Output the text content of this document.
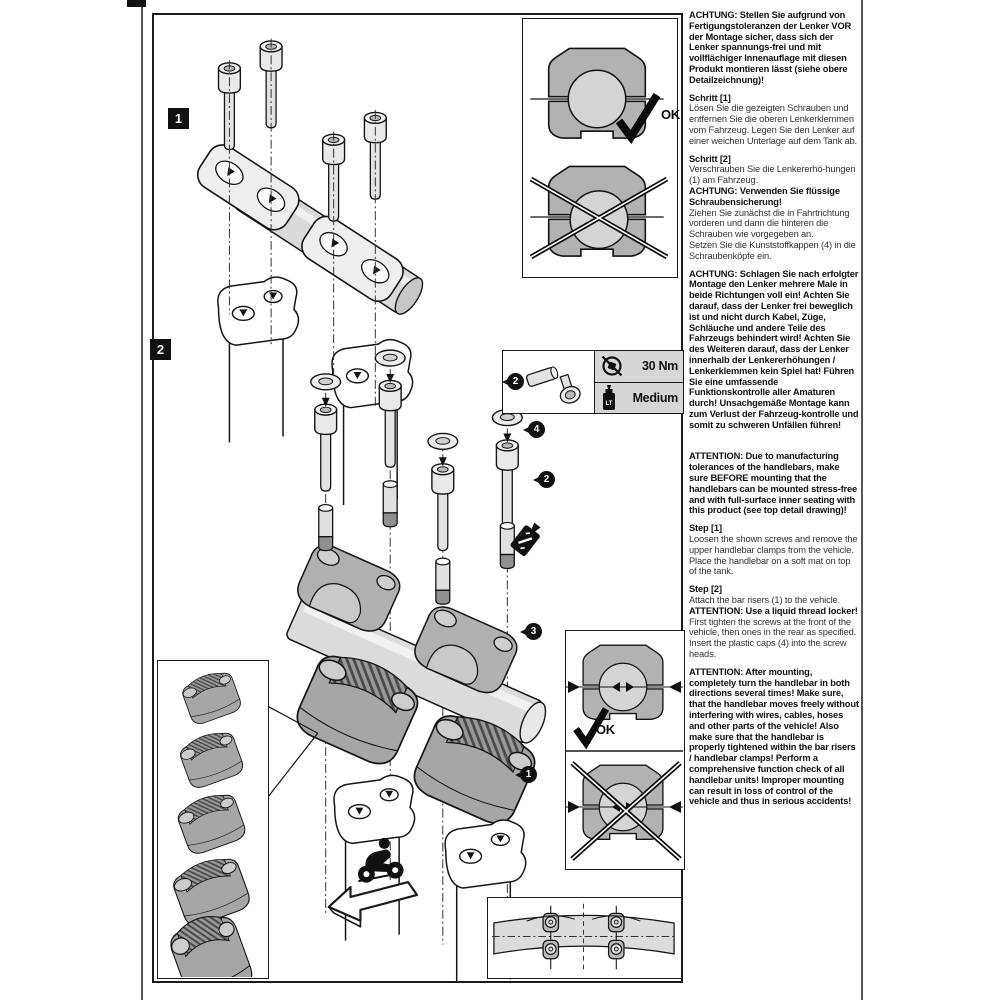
1
2
4
2
3
1
OK
2
30 Nm
LT	Medium
OK

ACHTUNG: Stellen Sie aufgrund von Fertigungstoleranzen der Lenker VOR der Montage sicher, dass sich der Lenker spannungs-frei und mit vollflächiger Innenauflage mit diesen Produkt montieren lässt (siehe obere Detailzeichnung)!

Schritt [1]

Lösen Sie die gezeigten Schrauben und entfernen Sie die oberen Lenkerklemmen vom Fahrzeug. Legen Sie den Lenker auf einer weichen Unterlage auf dem Tank ab.

Schritt [2]

Verschrauben Sie die Lenkererhö-hungen (1) am Fahrzeug.

ACHTUNG: Verwenden Sie flüssige Schraubensicherung!

Ziehen Sie zunächst die in Fahrtrichtung vorderen und dann die hinteren die Schrauben wie vorgegeben an.

Setzen Sie die Kunststoffkappen (4) in die Schraubenköpfe ein.

ACHTUNG: Schlagen Sie nach erfolgter Montage den Lenker mehrere Male in beide Richtungen voll ein! Achten Sie darauf, dass der Lenker frei beweglich ist und nicht durch Kabel, Züge, Schläuche und andere Teile des Fahrzeugs behindert wird! Achten Sie des Weiteren darauf, dass der Lenker innerhalb der Lenkererhöhungen / Lenkerklemmen kein Spiel hat! Führen Sie eine umfassende Funktionskontrolle aller Amaturen durch! Unsachgemäße Montage kann zum Verlust der Fahrzeug-kontrolle und somit zu schweren Unfällen führen!

ATTENTION: Due to manufacturing tolerances of the handlebars, make sure BEFORE mounting that the handlebars can be mounted stress-free and with full-surface inner seating with this product (see top detail drawing)!

Step [1]

Loosen the shown screws and remove the upper handlebar clamps from the vehicle. Place the handlebar on a soft mat on top of the tank.

Step [2]

Attach the bar risers (1) to the vehicle.

ATTENTION: Use a liquid thread locker!

First tighten the screws at the front of the vehicle, then ones in the rear as specified. Insert the plastic caps (4) into the screw heads.

ATTENTION: After mounting, completely turn the handlebar in both directions several times! Make sure, that the handlebar moves freely without interfering with wires, cables, hoses and other parts of the vehicle! Also make sure that the handlebar is properly tightened within the bar risers / handlebar clamps! Perform a comprehensive function check of all handlebar units! Improper mounting can result in loss of control of the vehicle and thus in serious accidents!
